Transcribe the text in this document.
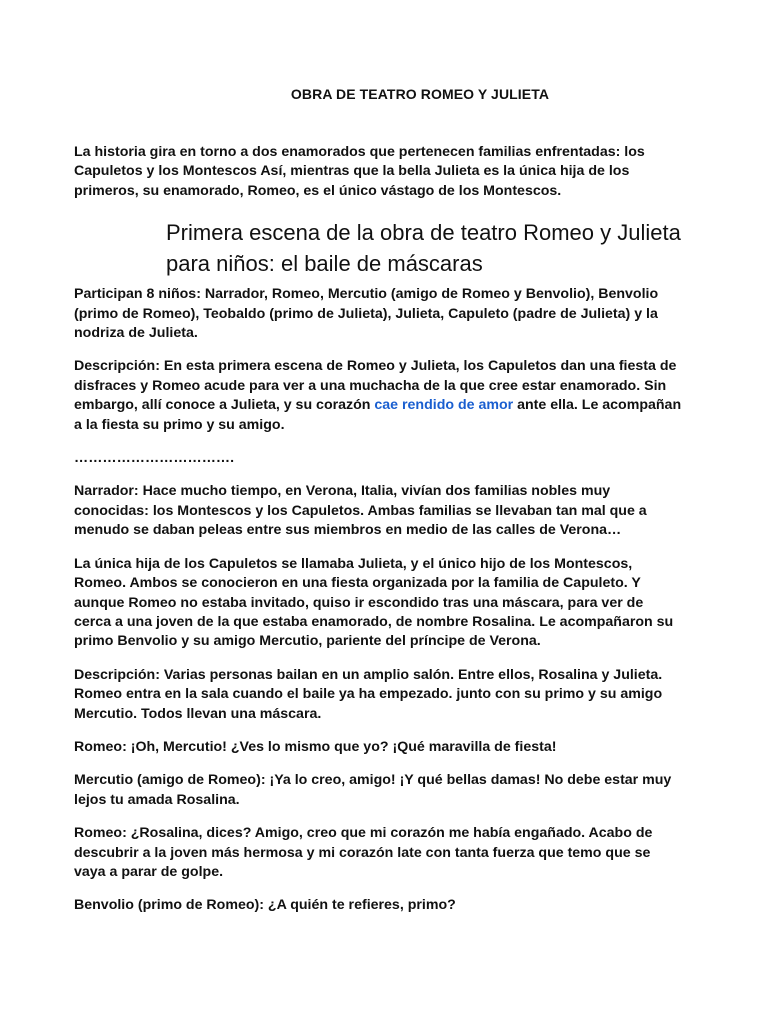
OBRA DE TEATRO ROMEO Y JULIETA

La historia gira en torno a dos enamorados que pertenecen familias enfrentadas: los Capuletos y los Montescos Así, mientras que la bella Julieta es la única hija de los primeros, su enamorado, Romeo, es el único vástago de los Montescos.

Primera escena de la obra de teatro Romeo y Julieta para niños: el baile de máscaras

Participan 8 niños: Narrador, Romeo, Mercutio (amigo de Romeo y Benvolio), Benvolio (primo de Romeo), Teobaldo (primo de Julieta), Julieta, Capuleto (padre de Julieta) y la nodriza de Julieta.

Descripción: En esta primera escena de Romeo y Julieta, los Capuletos dan una fiesta de disfraces y Romeo acude para ver a una muchacha de la que cree estar enamorado. Sin embargo, allí conoce a Julieta, y su corazón cae rendido de amor ante ella. Le acompañan a la fiesta su primo y su amigo.

…………………………….

Narrador: Hace mucho tiempo, en Verona, Italia, vivían dos familias nobles muy conocidas: los Montescos y los Capuletos. Ambas familias se llevaban tan mal que a menudo se daban peleas entre sus miembros en medio de las calles de Verona…

La única hija de los Capuletos se llamaba Julieta, y el único hijo de los Montescos, Romeo. Ambos se conocieron en una fiesta organizada por la familia de Capuleto. Y aunque Romeo no estaba invitado, quiso ir escondido tras una máscara, para ver de cerca a una joven de la que estaba enamorado, de nombre Rosalina. Le acompañaron su primo Benvolio y su amigo Mercutio, pariente del príncipe de Verona.

Descripción: Varias personas bailan en un amplio salón. Entre ellos, Rosalina y Julieta. Romeo entra en la sala cuando el baile ya ha empezado. junto con su primo y su amigo Mercutio. Todos llevan una máscara.

Romeo: ¡Oh, Mercutio! ¿Ves lo mismo que yo? ¡Qué maravilla de fiesta!

Mercutio (amigo de Romeo): ¡Ya lo creo, amigo! ¡Y qué bellas damas! No debe estar muy lejos tu amada Rosalina.

Romeo: ¿Rosalina, dices? Amigo, creo que mi corazón me había engañado. Acabo de descubrir a la joven más hermosa y mi corazón late con tanta fuerza que temo que se vaya a parar de golpe.

Benvolio (primo de Romeo): ¿A quién te refieres, primo?
